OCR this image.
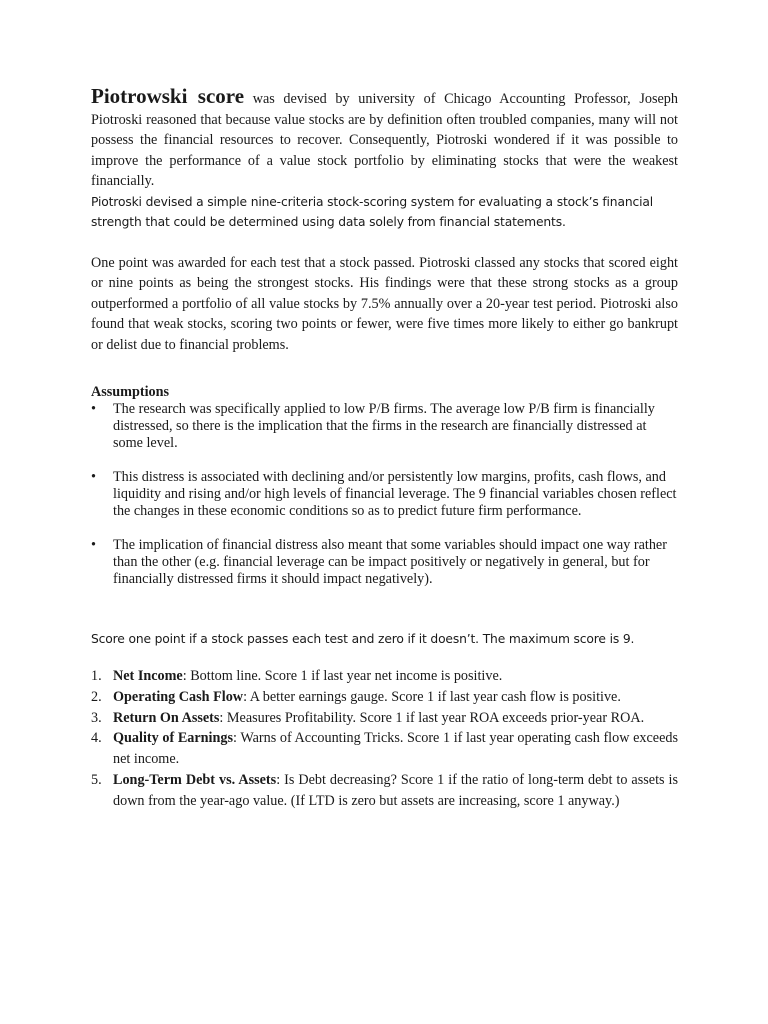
Piotrowski score was devised by university of Chicago Accounting Professor, Joseph Piotroski reasoned that because value stocks are by definition often troubled companies, many will not possess the financial resources to recover. Consequently, Piotroski wondered if it was possible to improve the performance of a value stock portfolio by eliminating stocks that were the weakest financially.

Piotroski devised a simple nine-criteria stock-scoring system for evaluating a stock’s financial strength that could be determined using data solely from financial statements.

One point was awarded for each test that a stock passed. Piotroski classed any stocks that scored eight or nine points as being the strongest stocks. His findings were that these strong stocks as a group outperformed a portfolio of all value stocks by 7.5% annually over a 20-year test period. Piotroski also found that weak stocks, scoring two points or fewer, were five times more likely to either go bankrupt or delist due to financial problems.

Assumptions

• The research was specifically applied to low P/B firms. The average low P/B firm is financially distressed, so there is the implication that the firms in the research are financially distressed at some level.
• This distress is associated with declining and/or persistently low margins, profits, cash flows, and liquidity and rising and/or high levels of financial leverage. The 9 financial variables chosen reflect the changes in these economic conditions so as to predict future firm performance.
• The implication of financial distress also meant that some variables should impact one way rather than the other (e.g. financial leverage can be impact positively or negatively in general, but for financially distressed firms it should impact negatively).

Score one point if a stock passes each test and zero if it doesn’t. The maximum score is 9.

1. Net Income: Bottom line. Score 1 if last year net income is positive.
2. Operating Cash Flow: A better earnings gauge. Score 1 if last year cash flow is positive.
3. Return On Assets: Measures Profitability. Score 1 if last year ROA exceeds prior-year ROA.
4. Quality of Earnings: Warns of Accounting Tricks. Score 1 if last year operating cash flow exceeds net income.
5. Long-Term Debt vs. Assets: Is Debt decreasing? Score 1 if the ratio of long-term debt to assets is down from the year-ago value. (If LTD is zero but assets are increasing, score 1 anyway.)
